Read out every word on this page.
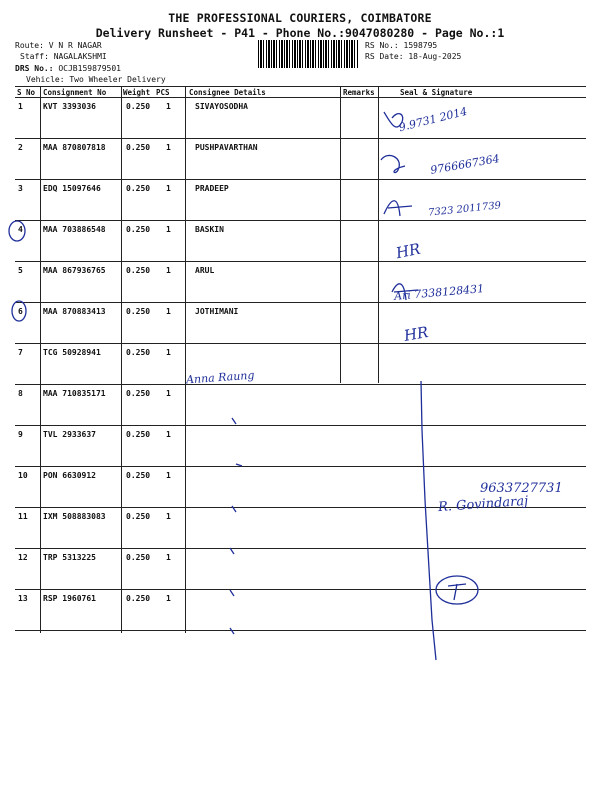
THE PROFESSIONAL COURIERS, COIMBATORE
Delivery Runsheet - P41 - Phone No.:9047080280 - Page No.:1
Route: V N R NAGAR
Staff: NAGALAKSHMI
DRS No.: OCJB159879501
Vehicle: Two Wheeler Delivery
RS No.: 1598795
RS Date: 18-Aug-2025
S No Consignment No Weight PCS	Consignee Details	Remarks	Seal & Signature
1	KVT 3393036	0.250 1	SIVAYOSODHA
2	MAA 870807818	0.250 1	PUSHPAVARTHAN
3	EDQ 15097646	0.250 1	PRADEEP
4	MAA 703886548	0.250 1	BASKIN
5	MAA 867936765	0.250 1	ARUL
6	MAA 870883413	0.250 1	JOTHIMANI
7	TCG 50928941	0.250 1
8	MAA 710835171	0.250 1
9	TVL 2933637	0.250 1
10 PON 6630912	0.250 1
11 IXM 508883083	0.250 1
12 TRP 5313225	0.250 1
13 RSP 1960761	0.250 1
9.9731 2014
9766667364
7323 2011739
HR
Ari 7338128431
HR
Anna Raung
9633727731
R. Govindaraj
